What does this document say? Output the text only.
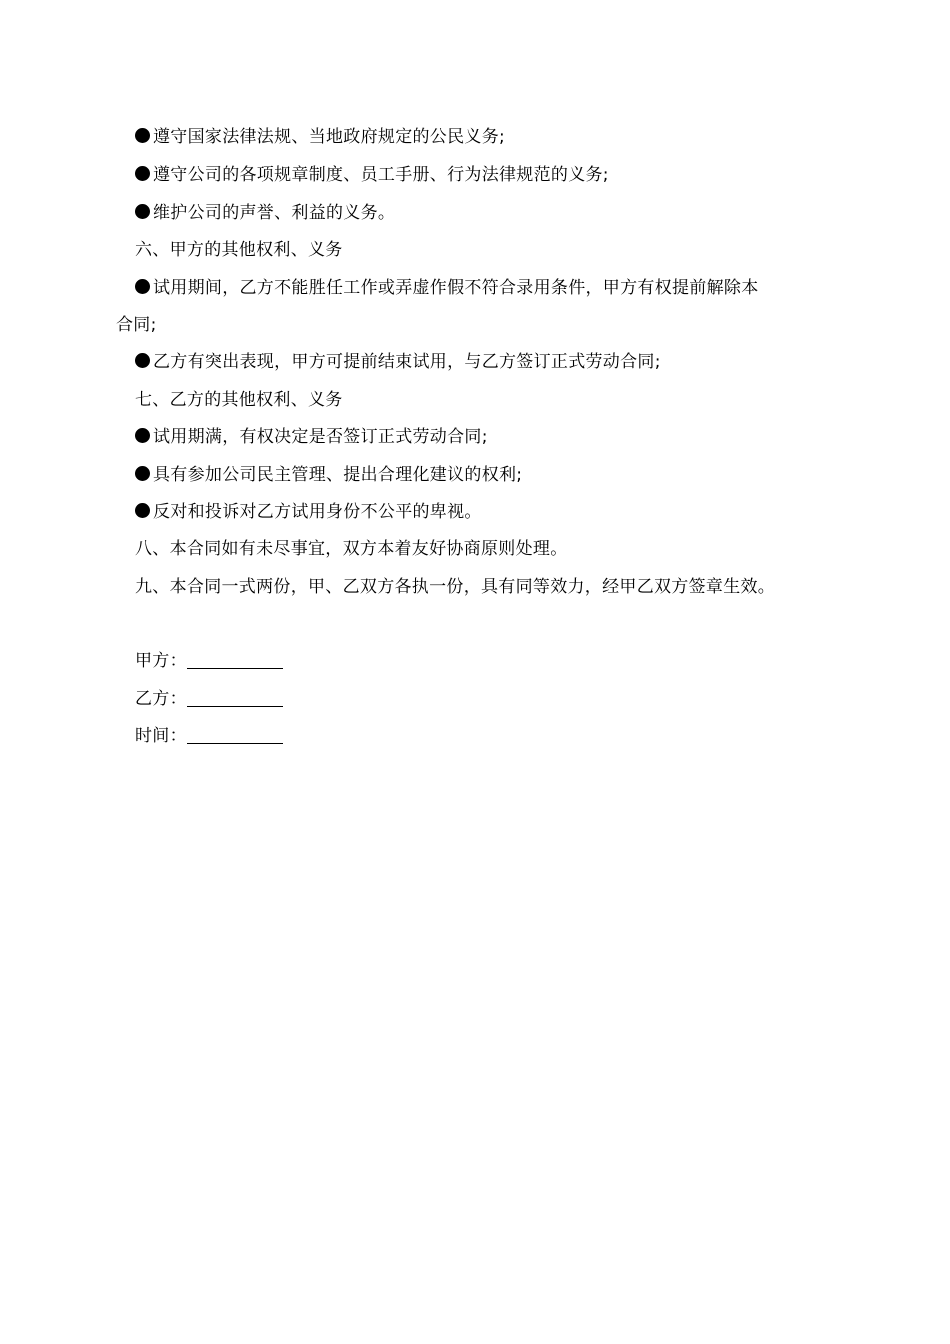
遵守国家法律法规、当地政府规定的公民义务;
遵守公司的各项规章制度、员工手册、行为法律规范的义务;
维护公司的声誉、利益的义务。
六、甲方的其他权利、义务
试用期间，乙方不能胜任工作或弄虚作假不符合录用条件，甲方有权提前解除本
合同;
乙方有突出表现，甲方可提前结束试用，与乙方签订正式劳动合同;
七、乙方的其他权利、义务
试用期满，有权决定是否签订正式劳动合同;
具有参加公司民主管理、提出合理化建议的权利;
反对和投诉对乙方试用身份不公平的卑视。
八、本合同如有未尽事宜，双方本着友好协商原则处理。
九、本合同一式两份，甲、乙双方各执一份，具有同等效力，经甲乙双方签章生效。
甲方：
乙方：
时间：
